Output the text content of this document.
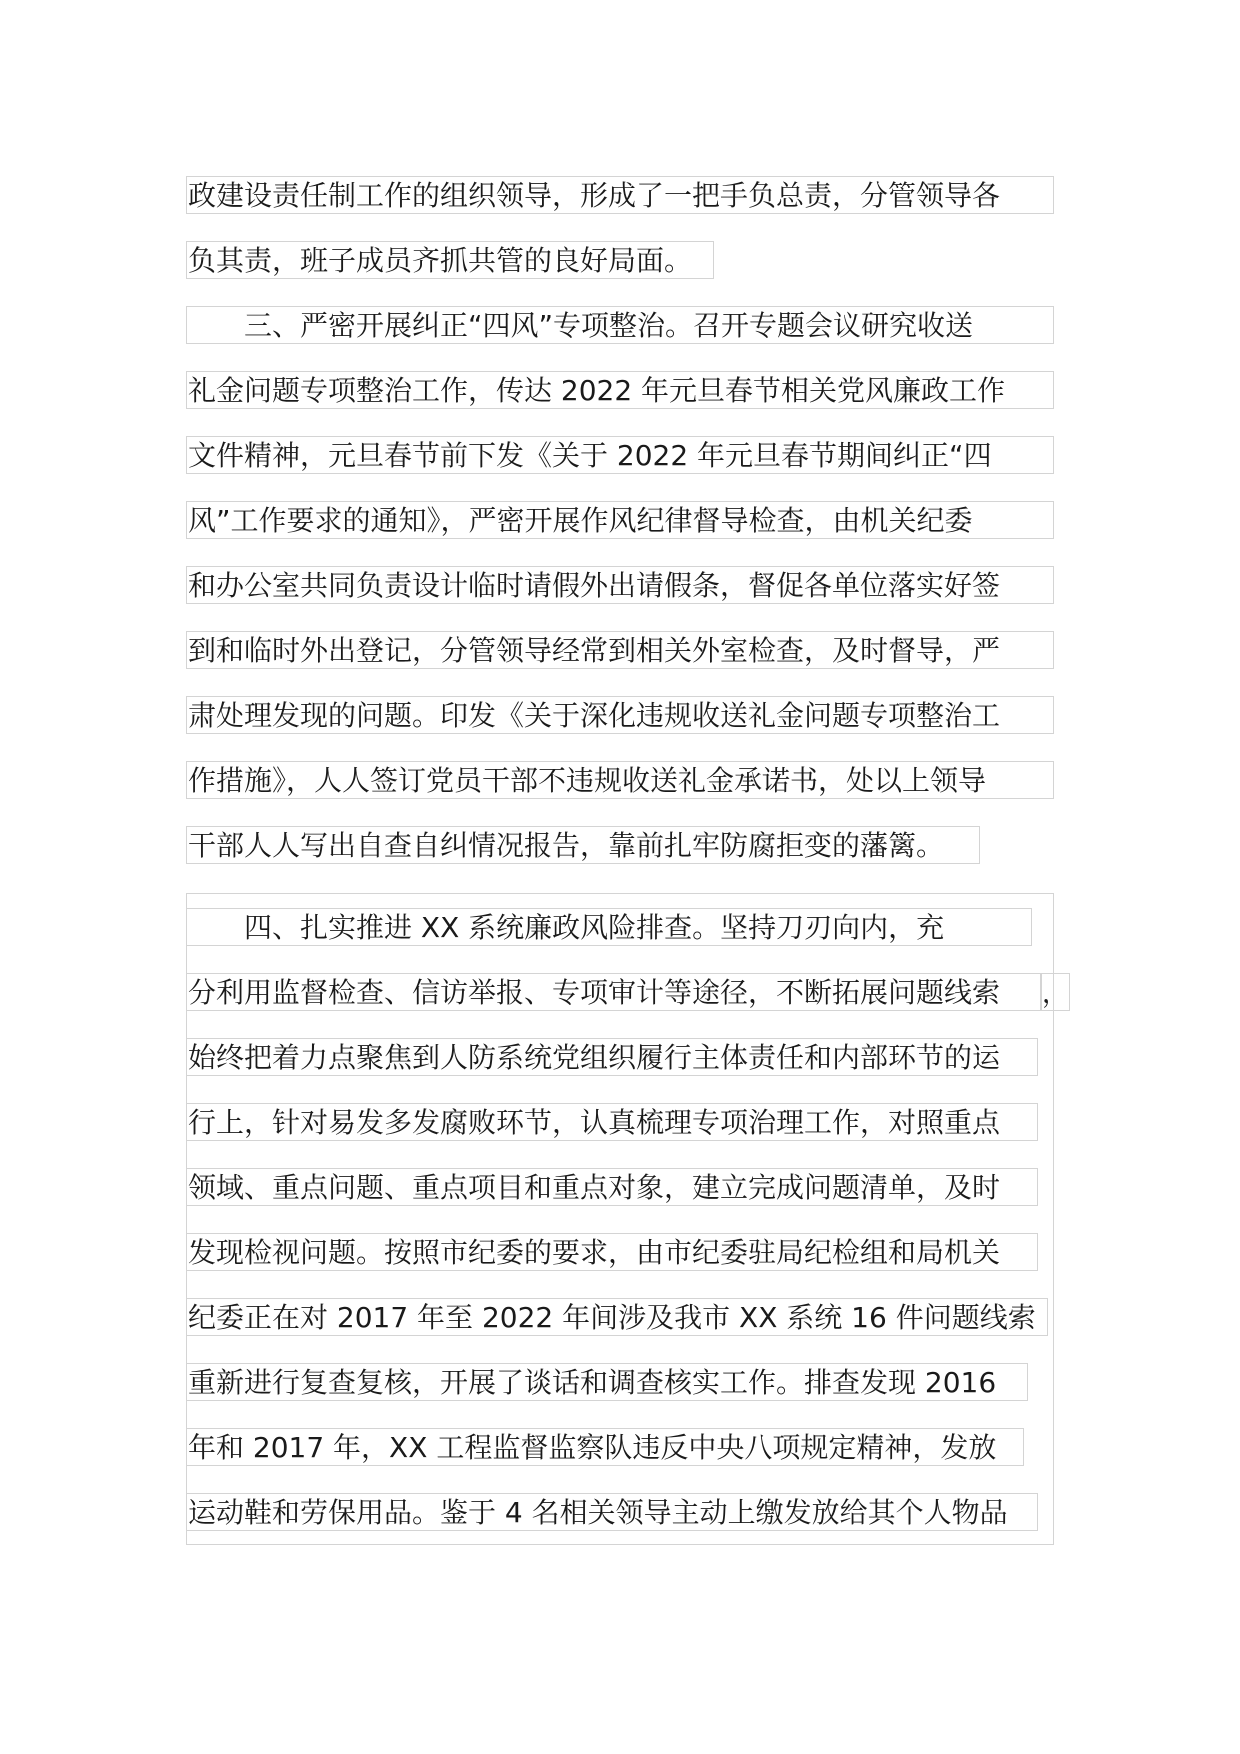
政建设责任制工作的组织领导，形成了一把手负总责，分管领导各
负其责，班子成员齐抓共管的良好局面。
　　三、严密开展纠正“四风”专项整治。召开专题会议研究收送
礼金问题专项整治工作，传达 2022 年元旦春节相关党风廉政工作
文件精神，元旦春节前下发《关于 2022 年元旦春节期间纠正“四
风”工作要求的通知》，严密开展作风纪律督导检查，由机关纪委
和办公室共同负责设计临时请假外出请假条，督促各单位落实好签
到和临时外出登记，分管领导经常到相关外室检查，及时督导，严
肃处理发现的问题。印发《关于深化违规收送礼金问题专项整治工
作措施》，人人签订党员干部不违规收送礼金承诺书，处以上领导
干部人人写出自查自纠情况报告，靠前扎牢防腐拒变的藩篱。
　　四、扎实推进 XX 系统廉政风险排查。坚持刀刃向内，充
分利用监督检查、信访举报、专项审计等途径，不断拓展问题线索	，
始终把着力点聚焦到人防系统党组织履行主体责任和内部环节的运
行上，针对易发多发腐败环节，认真梳理专项治理工作，对照重点
领域、重点问题、重点项目和重点对象，建立完成问题清单，及时
发现检视问题。按照市纪委的要求，由市纪委驻局纪检组和局机关
纪委正在对 2017 年至 2022 年间涉及我市 XX 系统 16 件问题线索
重新进行复查复核，开展了谈话和调查核实工作。排查发现 2016
年和 2017 年，XX 工程监督监察队违反中央八项规定精神，发放
运动鞋和劳保用品。鉴于 4 名相关领导主动上缴发放给其个人物品
